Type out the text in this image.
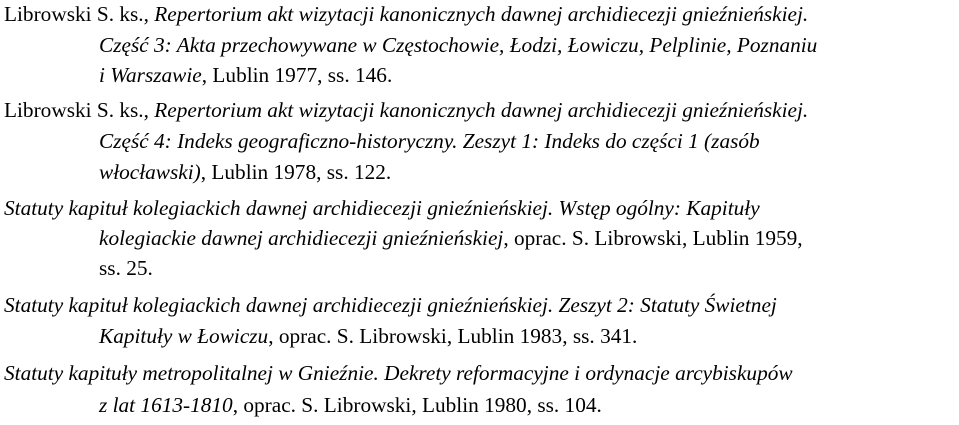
Librowski S. ks., Repertorium akt wizytacji kanonicznych dawnej archidiecezji gnieźnieńskiej.
Część 3: Akta przechowywane w Częstochowie, Łodzi, Łowiczu, Pelplinie, Poznaniu
i Warszawie, Lublin 1977, ss. 146.
Librowski S. ks., Repertorium akt wizytacji kanonicznych dawnej archidiecezji gnieźnieńskiej.
Część 4: Indeks geograficzno-historyczny. Zeszyt 1: Indeks do części 1 (zasób
włocławski), Lublin 1978, ss. 122.
Statuty kapituł kolegiackich dawnej archidiecezji gnieźnieńskiej. Wstęp ogólny: Kapituły
kolegiackie dawnej archidiecezji gnieźnieńskiej, oprac. S. Librowski, Lublin 1959,
ss. 25.
Statuty kapituł kolegiackich dawnej archidiecezji gnieźnieńskiej. Zeszyt 2: Statuty Świetnej
Kapituły w Łowiczu, oprac. S. Librowski, Lublin 1983, ss. 341.
Statuty kapituły metropolitalnej w Gnieźnie. Dekrety reformacyjne i ordynacje arcybiskupów
z lat 1613-1810, oprac. S. Librowski, Lublin 1980, ss. 104.
